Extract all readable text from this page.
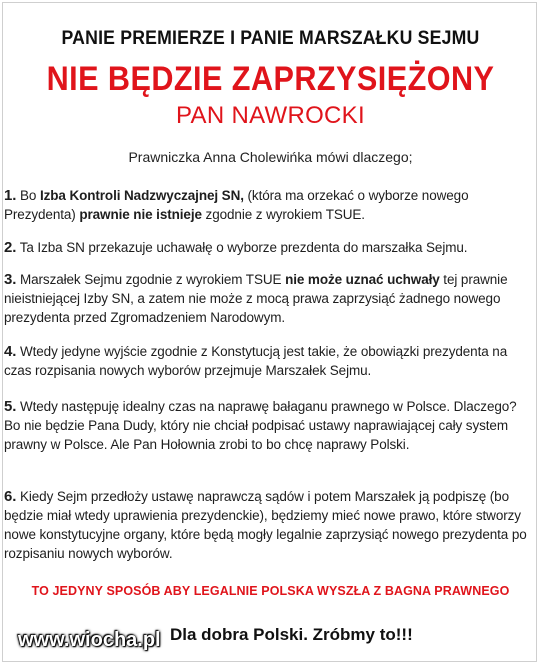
PANIE PREMIERZE I PANIE MARSZAŁKU SEJMU
NIE BĘDZIE ZAPRZYSIĘŻONY
PAN NAWROCKI
Prawniczka Anna Cholewińka mówi dlaczego;
1. Bo Izba Kontroli Nadzwyczajnej SN, (która ma orzekać o wyborze nowego Prezydenta) prawnie nie istnieje zgodnie z wyrokiem TSUE.
2. Ta Izba SN przekazuje uchawałę o wyborze prezdenta do marszałka Sejmu.
3. Marszałek Sejmu zgodnie z wyrokiem TSUE nie może uznać uchwały tej prawnie nieistniejącej Izby SN, a zatem nie może z mocą prawa zaprzysiąć żadnego nowego prezydenta przed Zgromadzeniem Narodowym.
4. Wtedy jedyne wyjście zgodnie z Konstytucją jest takie, że obowiązki prezydenta na czas rozpisania nowych wyborów przejmuje Marszałek Sejmu.
5. Wtedy następuję idealny czas na naprawę bałaganu prawnego w Polsce. Dlaczego? Bo nie będzie Pana Dudy, który nie chciał podpisać ustawy naprawiającej cały system prawny w Polsce. Ale Pan Hołownia zrobi to bo chcę naprawy Polski.
6. Kiedy Sejm przedłoży ustawę naprawczą sądów i potem Marszałek ją podpiszę (bo będzie miał wtedy uprawienia prezydenckie), będziemy mieć nowe prawo, które stworzy nowe konstytucyjne organy, które będą mogły legalnie zaprzysiąć nowego prezydenta po rozpisaniu nowych wyborów.
TO JEDYNY SPOSÓB ABY LEGALNIE POLSKA WYSZŁA Z BAGNA PRAWNEGO
Dla dobra Polski. Zróbmy to!!!
www.wiocha.pl
